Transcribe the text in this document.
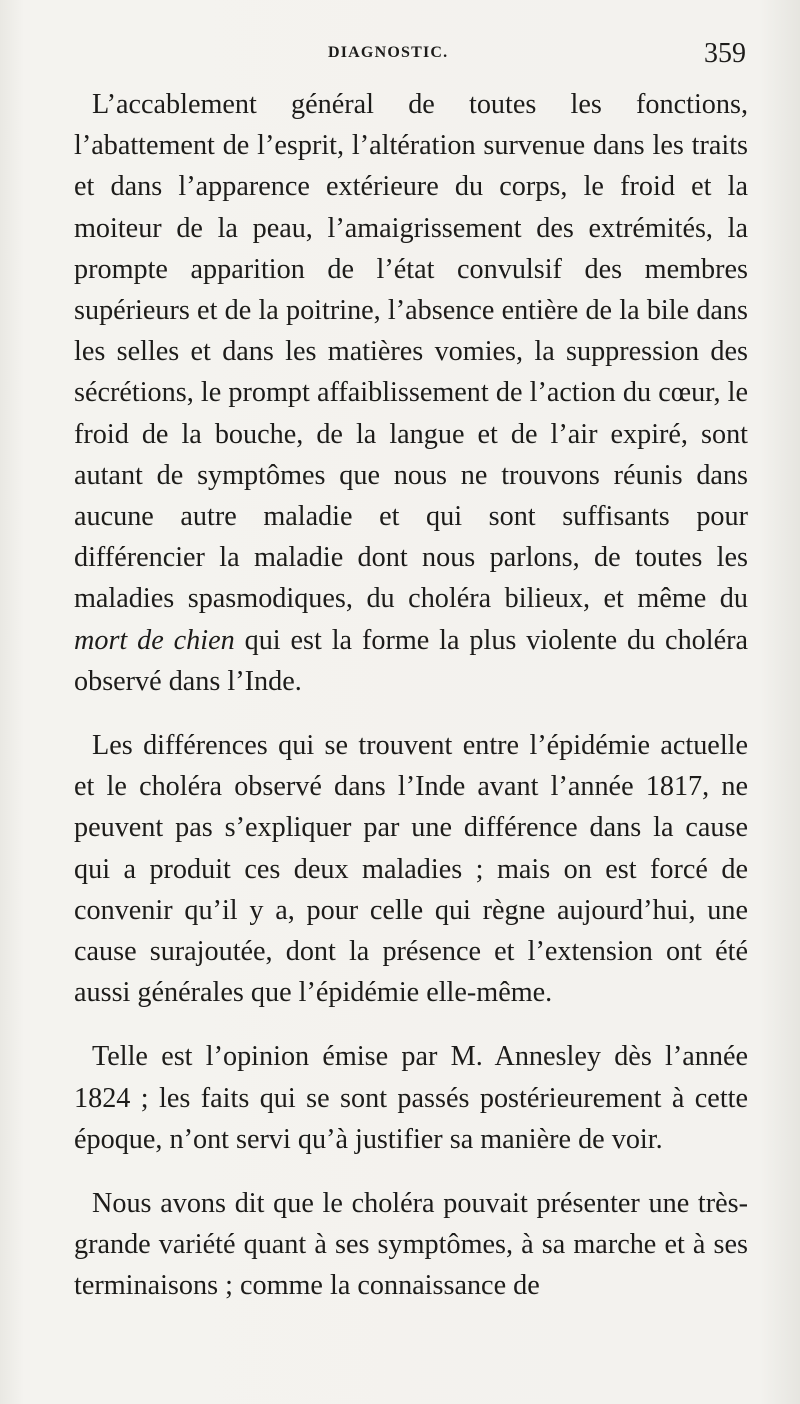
DIAGNOSTIC.	359

L’accablement général de toutes les fonctions, l’abattement de l’esprit, l’altération survenue dans les traits et dans l’apparence extérieure du corps, le froid et la moiteur de la peau, l’amaigrissement des extrémités, la prompte apparition de l’état convulsif des membres supérieurs et de la poitrine, l’absence entière de la bile dans les selles et dans les matières vomies, la suppression des sécrétions, le prompt affaiblissement de l’action du cœur, le froid de la bouche, de la langue et de l’air expiré, sont autant de symptômes que nous ne trouvons réunis dans aucune autre maladie et qui sont suffisants pour différencier la maladie dont nous parlons, de toutes les maladies spasmodiques, du choléra bilieux, et même du mort de chien qui est la forme la plus violente du choléra observé dans l’Inde.

Les différences qui se trouvent entre l’épidémie actuelle et le choléra observé dans l’Inde avant l’année 1817, ne peuvent pas s’expliquer par une différence dans la cause qui a produit ces deux maladies ; mais on est forcé de convenir qu’il y a, pour celle qui règne aujourd’hui, une cause surajoutée, dont la présence et l’extension ont été aussi générales que l’épidémie elle-même.

Telle est l’opinion émise par M. Annesley dès l’année 1824 ; les faits qui se sont passés postérieurement à cette époque, n’ont servi qu’à justifier sa manière de voir.

Nous avons dit que le choléra pouvait présenter une très-grande variété quant à ses symptômes, à sa marche et à ses terminaisons ; comme la connaissance de
